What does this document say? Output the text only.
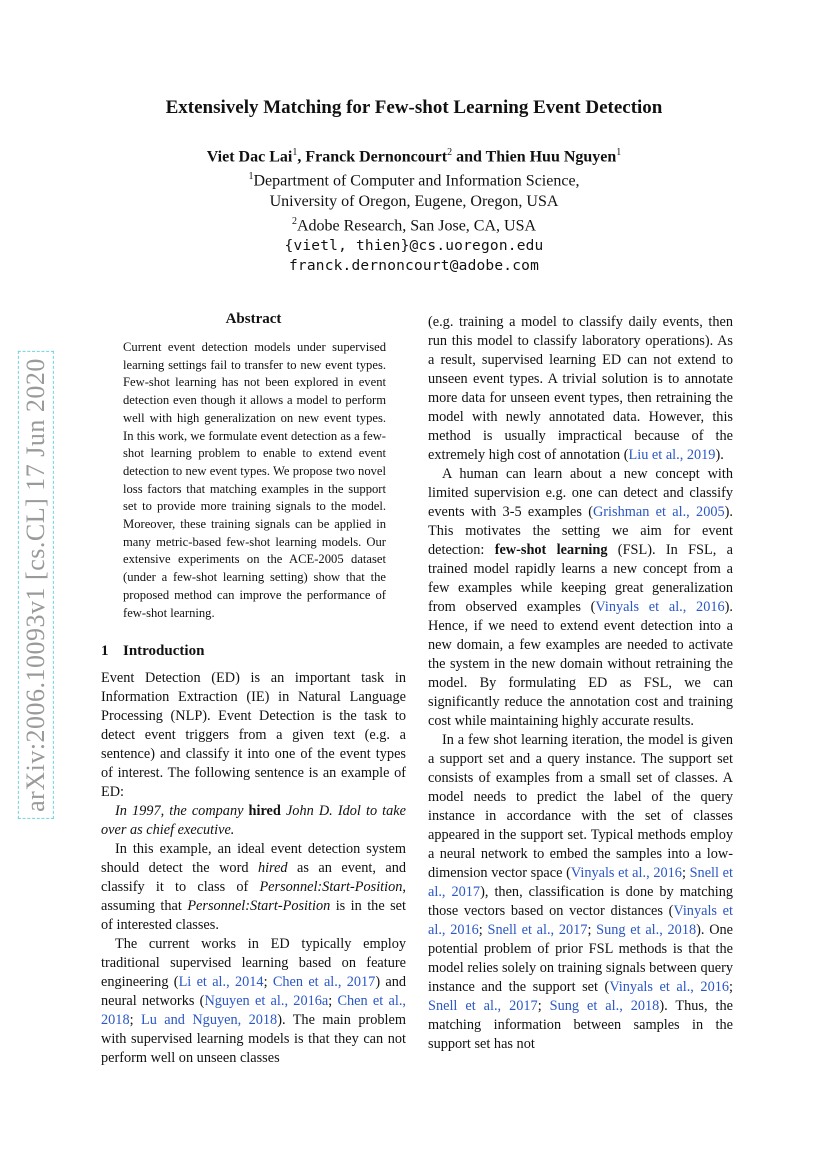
arXiv:2006.10093v1 [cs.CL] 17 Jun 2020
Extensively Matching for Few-shot Learning Event Detection
Viet Dac Lai$^1$, Franck Dernoncourt$^2$ and Thien Huu Nguyen$^1$
$^1$Department of Computer and Information Science,
University of Oregon, Eugene, Oregon, USA
$^2$Adobe Research, San Jose, CA, USA
{vietl, thien}@cs.uoregon.edu
franck.dernoncourt@adobe.com
Abstract

Current event detection models under supervised learning settings fail to transfer to new event types. Few-shot learning has not been explored in event detection even though it allows a model to perform well with high generalization on new event types. In this work, we formulate event detection as a few-shot learning problem to enable to extend event detection to new event types. We propose two novel loss factors that matching examples in the support set to provide more training signals to the model. Moreover, these training signals can be applied in many metric-based few-shot learning models. Our extensive experiments on the ACE-2005 dataset (under a few-shot learning setting) show that the proposed method can improve the performance of few-shot learning.

1 Introduction

Event Detection (ED) is an important task in Information Extraction (IE) in Natural Language Processing (NLP). Event Detection is the task to detect event triggers from a given text (e.g. a sentence) and classify it into one of the event types of interest. The following sentence is an example of ED:

In 1997, the company hired John D. Idol to take over as chief executive.

In this example, an ideal event detection system should detect the word hired as an event, and classify it to class of Personnel:Start-Position, assuming that Personnel:Start-Position is in the set of interested classes.

The current works in ED typically employ traditional supervised learning based on feature engineering (Li et al., 2014; Chen et al., 2017) and neural networks (Nguyen et al., 2016a; Chen et al., 2018; Lu and Nguyen, 2018). The main problem with supervised learning models is that they can not perform well on unseen classes

(e.g. training a model to classify daily events, then run this model to classify laboratory operations). As a result, supervised learning ED can not extend to unseen event types. A trivial solution is to annotate more data for unseen event types, then retraining the model with newly annotated data. However, this method is usually impractical because of the extremely high cost of annotation (Liu et al., 2019).

A human can learn about a new concept with limited supervision e.g. one can detect and classify events with 3-5 examples (Grishman et al., 2005). This motivates the setting we aim for event detection: few-shot learning (FSL). In FSL, a trained model rapidly learns a new concept from a few examples while keeping great generalization from observed examples (Vinyals et al., 2016). Hence, if we need to extend event detection into a new domain, a few examples are needed to activate the system in the new domain without retraining the model. By formulating ED as FSL, we can significantly reduce the annotation cost and training cost while maintaining highly accurate results.

In a few shot learning iteration, the model is given a support set and a query instance. The support set consists of examples from a small set of classes. A model needs to predict the label of the query instance in accordance with the set of classes appeared in the support set. Typical methods employ a neural network to embed the samples into a low-dimension vector space (Vinyals et al., 2016; Snell et al., 2017), then, classification is done by matching those vectors based on vector distances (Vinyals et al., 2016; Snell et al., 2017; Sung et al., 2018). One potential problem of prior FSL methods is that the model relies solely on training signals between query instance and the support set (Vinyals et al., 2016; Snell et al., 2017; Sung et al., 2018). Thus, the matching information between samples in the support set has not
